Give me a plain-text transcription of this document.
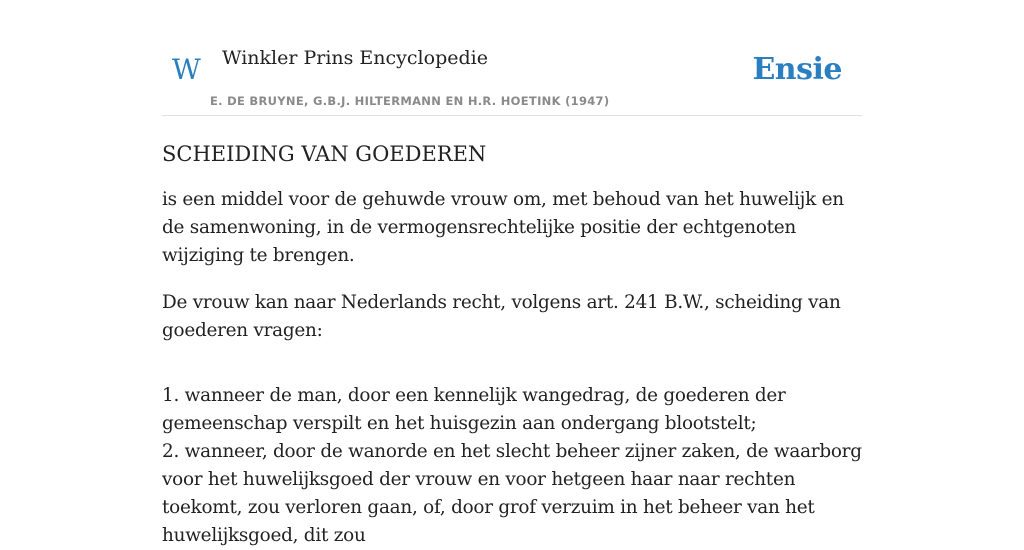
W Winkler Prins Encyclopedie
E. DE BRUYNE, G.B.J. HILTERMANN EN H.R. HOETINK (1947)
Ensie
SCHEIDING VAN GOEDEREN

is een middel voor de gehuwde vrouw om, met behoud van het huwelijk en de samenwoning, in de vermogensrechtelijke positie der echtgenoten wijziging te brengen.

De vrouw kan naar Nederlands recht, volgens art. 241 B.W., scheiding van goederen vragen:

1. wanneer de man, door een kennelijk wangedrag, de goederen der gemeenschap verspilt en het huisgezin aan ondergang blootstelt;

2. wanneer, door de wanorde en het slecht beheer zijner zaken, de waarborg voor het huwelijksgoed der vrouw en voor hetgeen haar naar rechten toekomt, zou verloren gaan, of, door grof verzuim in het beheer van het huwelijksgoed, dit zou
